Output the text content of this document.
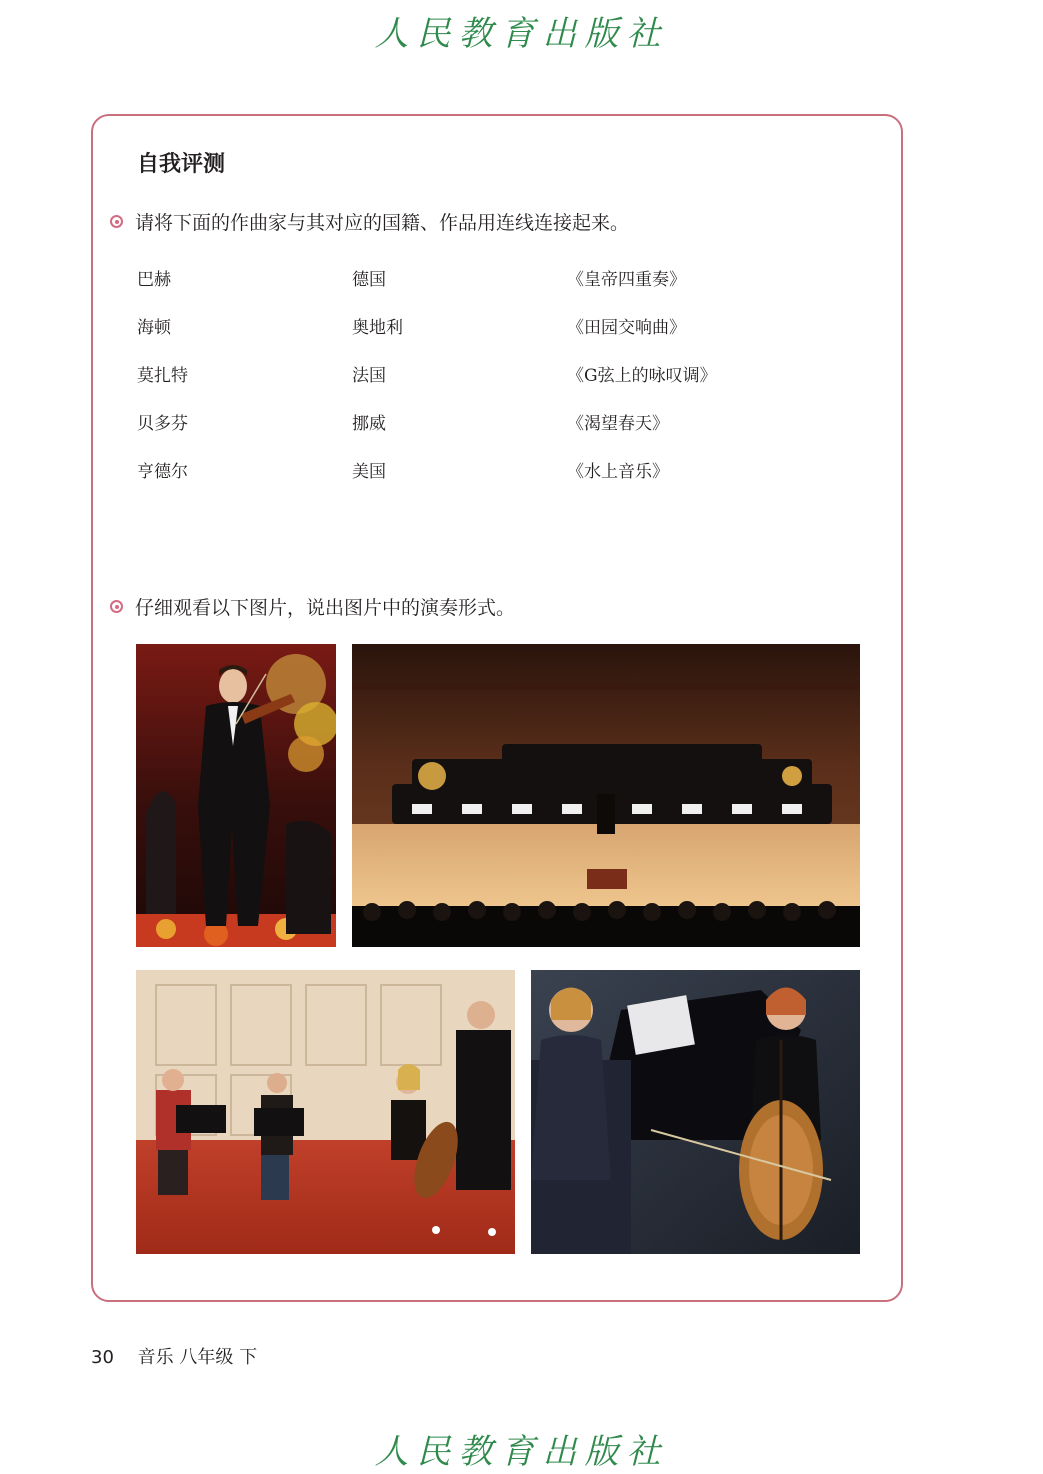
人民教育出版社
自我评测
请将下面的作曲家与其对应的国籍、作品用连线连接起来。
巴赫	德国	《皇帝四重奏》
海顿	奥地利	《田园交响曲》
莫扎特	法国	《G弦上的咏叹调》
贝多芬	挪威	《渴望春天》
亨德尔	美国	《水上音乐》
仔细观看以下图片，说出图片中的演奏形式。
30 音乐 八年级 下
人民教育出版社
